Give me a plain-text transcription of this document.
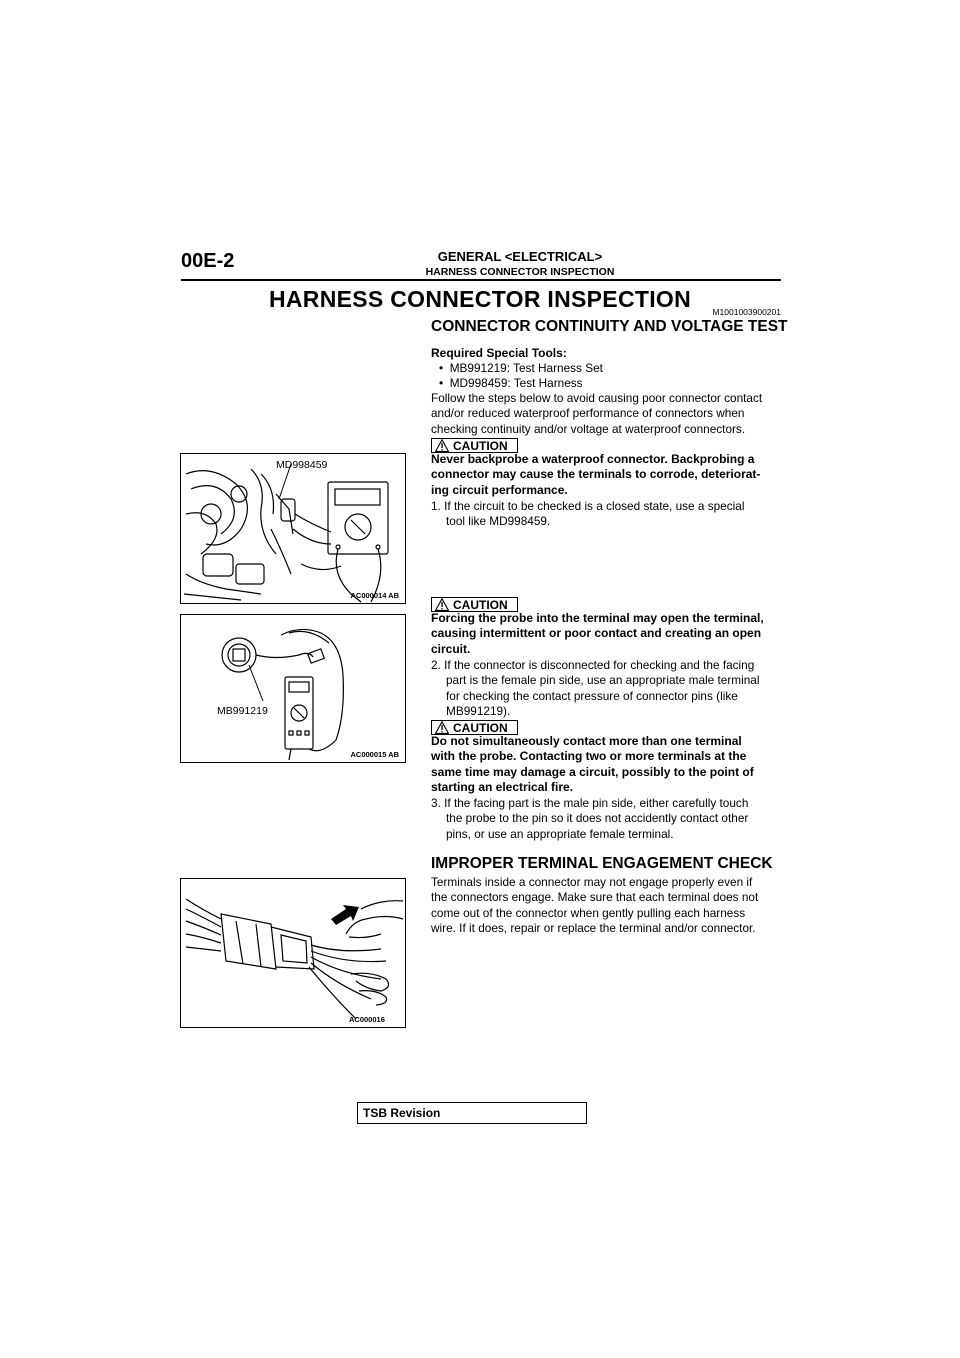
00E-2	GENERAL <ELECTRICAL>
HARNESS CONNECTOR INSPECTION
HARNESS CONNECTOR INSPECTION	M1001003900201
CONNECTOR CONTINUITY AND VOLTAGE TEST
Required Special Tools:
•  MB991219: Test Harness Set
•  MD998459: Test Harness
Follow the steps below to avoid causing poor connector contact
and/or reduced waterproof performance of connectors when
checking continuity and/or voltage at waterproof connectors.
CAUTION
Never backprobe a waterproof connector. Backprobing a
connector may cause the terminals to corrode, deteriorat-
ing circuit performance.
1. If the circuit to be checked is a closed state, use a special
tool like MD998459.
CAUTION
Forcing the probe into the terminal may open the terminal,
causing intermittent or poor contact and creating an open
circuit.
2. If the connector is disconnected for checking and the facing
part is the female pin side, use an appropriate male terminal
for checking the contact pressure of connector pins (like
MB991219).
CAUTION
Do not simultaneously contact more than one terminal
with the probe. Contacting two or more terminals at the
same time may damage a circuit, possibly to the point of
starting an electrical fire.
3. If the facing part is the male pin side, either carefully touch
the probe to the pin so it does not accidently contact other
pins, or use an appropriate female terminal.
IMPROPER TERMINAL ENGAGEMENT CHECK
Terminals inside a connector may not engage properly even if
the connectors engage. Make sure that each terminal does not
come out of the connector when gently pulling each harness
wire. If it does, repair or replace the terminal and/or connector.
MD998459
AC000014 AB
MB991219
AC000015 AB
AC000016
TSB Revision
